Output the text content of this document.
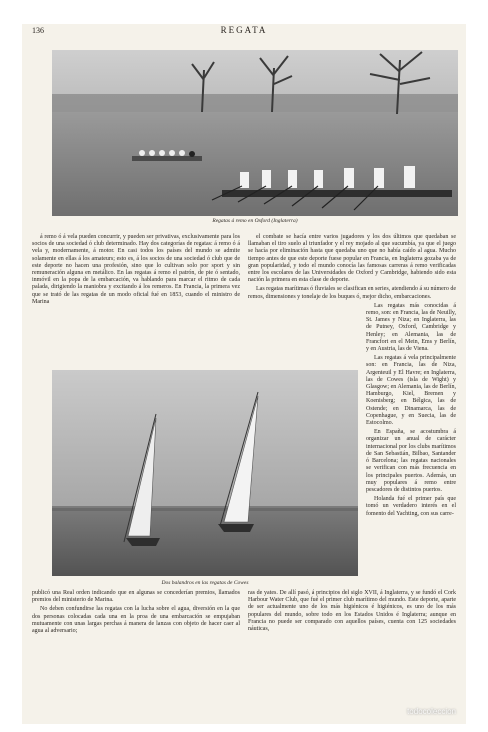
136	REGATA
Regatas á remo en Oxford (Inglaterra)

á remo ó á vela pueden concurrir, y pueden ser privativas, exclusivamente para los socios de una sociedad ó club determinado. Hay dos categorías de regatas: á remo ó á vela y, modernamente, á motor. En casi todos los países del mundo se admite solamente en ellas á los amateurs; esto es, á los socios de una sociedad ó club que de este deporte no hacen una profesión, sino que lo cultivan solo por sport y sin remuneración alguna en metálico. En las regatas á remo el patrón, de pie ó sentado, inmóvil en la popa de la embarcación, va hablando para marcar el ritmo de cada palada, dirigiendo la maniobra y excitando á los remeros. En Francia, la primera vez que se trató de las regatas de un modo oficial fué en 1853, cuando el ministro de Marina

el combate se hacía entre varios jugadores y los dos últimos que quedaban se llamaban el tiro suelo al triunfador y el rey mojado al que sucumbía, ya que el juego se hacía por eliminación hasta que quedaba uno que no había caído al agua. Mucho tiempo antes de que este deporte fuese popular en Francia, en Inglaterra gozaba ya de gran popularidad, y todo el mundo conocía las famosas carreras á remo verificadas entre los escolares de las Universidades de Oxford y Cambridge, habiendo sido esta nación la primera en esta clase de deporte.

Las regatas marítimas ó fluviales se clasifican en series, atendiendo á su número de remos, dimensiones y tonelaje de los buques ó, mejor dicho, embarcaciones.

Las regatas más conocidas á remo, son: en Francia, las de Neuilly, St. James y Niza; en Inglaterra, las de Putney, Oxford, Cambridge y Henley; en Alemania, las de Francfort en el Mein, Ems y Berlín, y en Austria, las de Viena.

Las regatas á vela principalmente son: en Francia, las de Niza, Argenteuil y El Havre; en Inglaterra, las de Cowes (isla de Wight) y Glasgow; en Alemania, las de Berlín, Hamburgo, Kiel, Bremen y Koenisberg; en Bélgica, las de Ostende; en Dinamarca, las de Copenhague, y en Suecia, las de Estocolmo.

En España, se acostumbra á organizar un anual de carácter internacional por los clubs marítimos de San Sebastián, Bilbao, Santander ó Barcelona; las regatas nacionales se verifican con más frecuencia en los principales puertos. Además, un muy populares á remo entre pescadores de distintos puertos.

Holanda fué el primer país que tomó un verdadero interés en el fomento del Yachting, con sus carre-

Dos balandros en las regatas de Cowes

publicó una Real orden indicando que en algunas se concederían premios, llamados premios del ministerio de Marina.

No deben confundirse las regatas con la lucha sobre el agua, diversión en la que dos personas colocadas cada una en la proa de una embarcación se empujaban mutuamente con unas largas perchas á manera de lanzas con objeto de hacer caer al agua al adversario;

ras de yates. De allí pasó, á principios del siglo XVII, á Inglaterra, y se fundó el Cork Harbour Water Club, que fué el primer club marítimo del mundo. Este deporte, aparte de ser actualmente uno de los más higiénicos é higiénicos, es uno de los más populares del mundo, sobre todo en los Estados Unidos é Inglaterra; aunque en Francia no puede ser comparado con aquellos países, cuenta con 125 sociedades náuticas,

todocoleccion
